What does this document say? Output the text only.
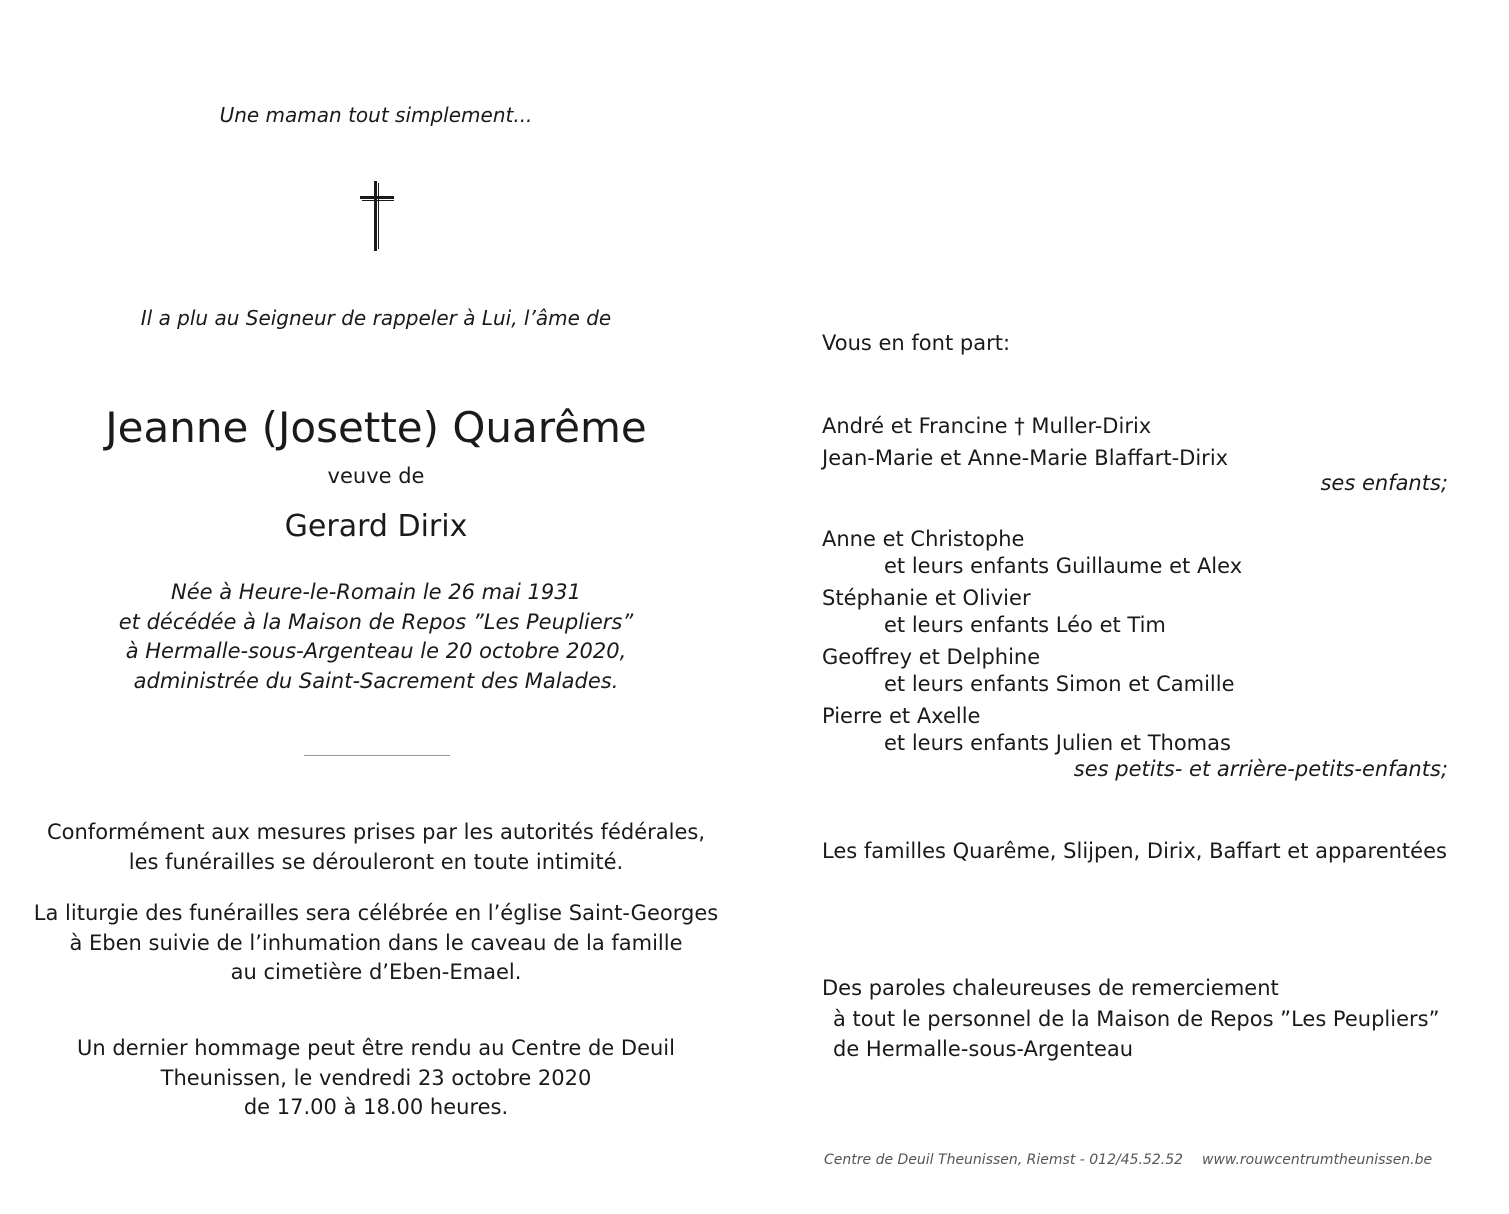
Une maman tout simplement...
Il a plu au Seigneur de rappeler à Lui, l’âme de
Jeanne (Josette) Quarême
veuve de
Gerard Dirix
Née à Heure-le-Romain le 26 mai 1931
et décédée à la Maison de Repos ”Les Peupliers”
à Hermalle-sous-Argenteau le 20 octobre 2020,
administrée du Saint-Sacrement des Malades.
Conformément aux mesures prises par les autorités fédérales,
les funérailles se dérouleront en toute intimité.
La liturgie des funérailles sera célébrée en l’église Saint-Georges
à Eben suivie de l’inhumation dans le caveau de la famille
au cimetière d’Eben-Emael.
Un dernier hommage peut être rendu au Centre de Deuil
Theunissen, le vendredi 23 octobre 2020
de 17.00 à 18.00 heures.
Vous en font part:
André et Francine † Muller-Dirix
Jean-Marie et Anne-Marie Blaffart-Dirix
ses enfants;
Anne et Christophe
et leurs enfants Guillaume et Alex
Stéphanie et Olivier
et leurs enfants Léo et Tim
Geoffrey et Delphine
et leurs enfants Simon et Camille
Pierre et Axelle
et leurs enfants Julien et Thomas
ses petits- et arrière-petits-enfants;
Les familles Quarême, Slijpen, Dirix, Baffart et apparentées
Des paroles chaleureuses de remerciement
à tout le personnel de la Maison de Repos ”Les Peupliers”
de Hermalle-sous-Argenteau
Centre de Deuil Theunissen, Riemst - 012/45.52.52 www.rouwcentrumtheunissen.be
